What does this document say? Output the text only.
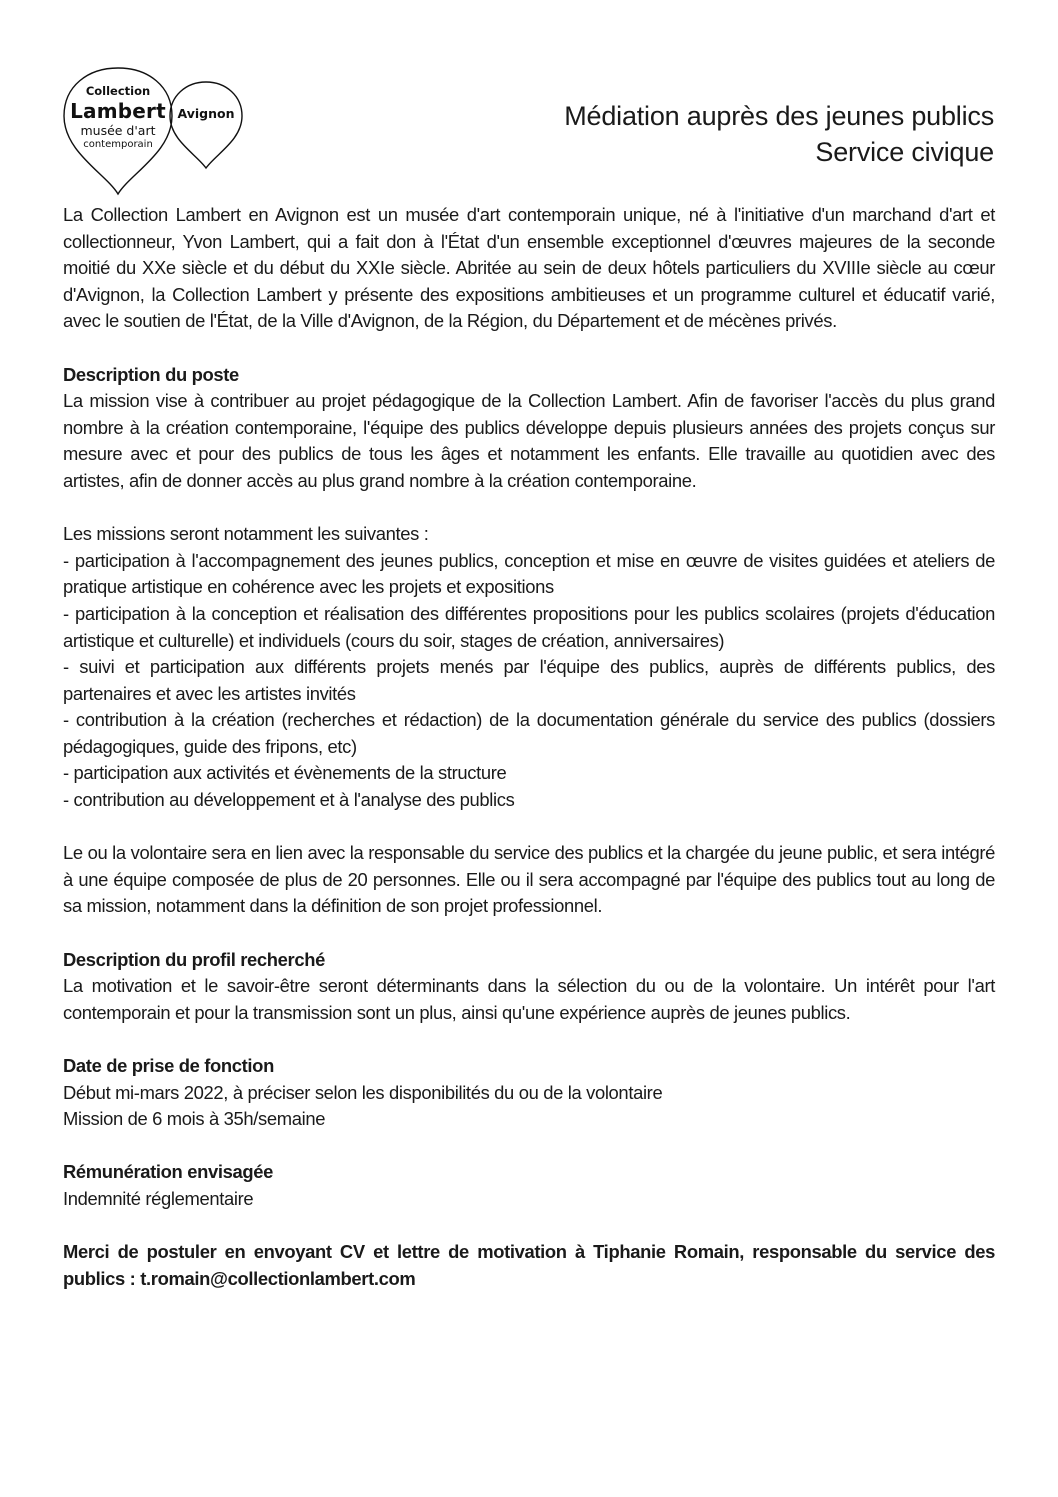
Collection
Lambert
musée d'art
contemporain
Avignon	Médiation auprès des jeunes publics
Service civique

La Collection Lambert en Avignon est un musée d'art contemporain unique, né à l'initiative d'un marchand d'art et collectionneur, Yvon Lambert, qui a fait don à l'État d'un ensemble exceptionnel d'œuvres majeures de la seconde moitié du XXe siècle et du début du XXIe siècle. Abritée au sein de deux hôtels particuliers du XVIIIe siècle au cœur d'Avignon, la Collection Lambert y présente des expositions ambitieuses et un programme culturel et éducatif varié, avec le soutien de l'État, de la Ville d'Avignon, de la Région, du Département et de mécènes privés.

Description du poste
La mission vise à contribuer au projet pédagogique de la Collection Lambert. Afin de favoriser l'accès du plus grand nombre à la création contemporaine, l'équipe des publics développe depuis plusieurs années des projets conçus sur mesure avec et pour des publics de tous les âges et notamment les enfants. Elle travaille au quotidien avec des artistes, afin de donner accès au plus grand nombre à la création contemporaine.

Les missions seront notamment les suivantes :
- participation à l'accompagnement des jeunes publics, conception et mise en œuvre de visites guidées et ateliers de pratique artistique en cohérence avec les projets et expositions
- participation à la conception et réalisation des différentes propositions pour les publics scolaires (projets d'éducation artistique et culturelle) et individuels (cours du soir, stages de création, anniversaires)
- suivi et participation aux différents projets menés par l'équipe des publics, auprès de différents publics, des partenaires et avec les artistes invités
- contribution à la création (recherches et rédaction) de la documentation générale du service des publics (dossiers pédagogiques, guide des fripons, etc)
- participation aux activités et évènements de la structure
- contribution au développement et à l'analyse des publics

Le ou la volontaire sera en lien avec la responsable du service des publics et la chargée du jeune public, et sera intégré à une équipe composée de plus de 20 personnes. Elle ou il sera accompagné par l'équipe des publics tout au long de sa mission, notamment dans la définition de son projet professionnel.

Description du profil recherché
La motivation et le savoir-être seront déterminants dans la sélection du ou de la volontaire. Un intérêt pour l'art contemporain et pour la transmission sont un plus, ainsi qu'une expérience auprès de jeunes publics.

Date de prise de fonction
Début mi-mars 2022, à préciser selon les disponibilités du ou de la volontaire
Mission de 6 mois à 35h/semaine

Rémunération envisagée
Indemnité réglementaire

Merci de postuler en envoyant CV et lettre de motivation à Tiphanie Romain, responsable du service des publics : t.romain@collectionlambert.com
